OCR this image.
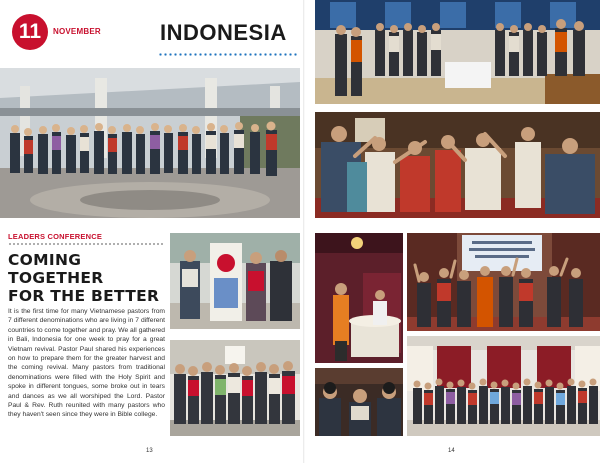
11	NOVEMBER	INDONESIA
LEADERS CONFERENCE
COMING TOGETHER
FOR THE BETTER
It is the first time for many Vietnamese pastors from 7 different denominations who are living in 7 different countries to come together and pray. We all gathered in Bali, Indonesia for one week to pray for a great Vietnam revival. Pastor Paul shared his experiences on how to prepare them for the greater harvest and the coming revival. Many pastors from traditional denominations were filled with the Holy Spirit and spoke in different tongues, some broke out in tears and dances as we all worshiped the Lord. Pastor Paul & Rev. Ruth reunited with many pastors who they haven't seen since they were in Bible college.
13	14
